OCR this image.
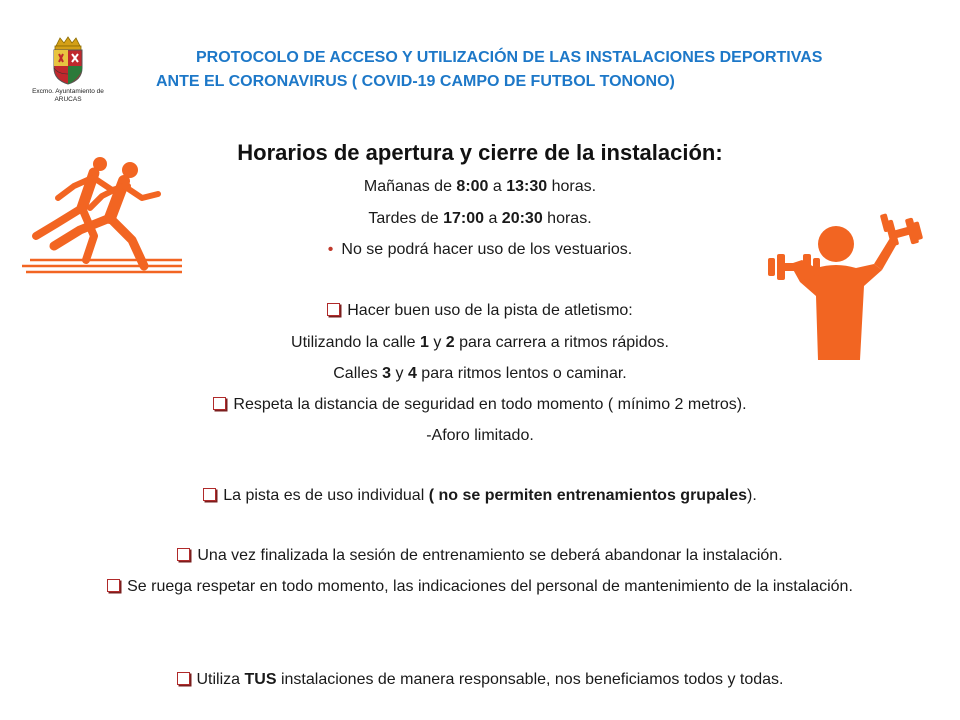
Excmo. Ayuntamiento de
ARUCAS
PROTOCOLO DE ACCESO Y UTILIZACIÓN DE LAS INSTALACIONES DEPORTIVAS
ANTE EL CORONAVIRUS ( COVID-19 CAMPO DE FUTBOL TONONO)
Horarios de apertura y cierre de la instalación:
Mañanas de 8:00 a 13:30 horas.
Tardes de 17:00 a 20:30 horas.
• No se podrá hacer uso de los vestuarios.
Hacer buen uso de la pista de atletismo:
Utilizando la calle 1 y 2 para carrera a ritmos rápidos.
Calles 3 y 4 para ritmos lentos o caminar.
Respeta la distancia de seguridad en todo momento ( mínimo 2 metros).
-Aforo limitado.
La pista es de uso individual ( no se permiten entrenamientos grupales).
Una vez finalizada la sesión de entrenamiento se deberá abandonar la instalación.
Se ruega respetar en todo momento, las indicaciones del personal de mantenimiento de la instalación.
Utiliza TUS instalaciones de manera responsable, nos beneficiamos todos y todas.
